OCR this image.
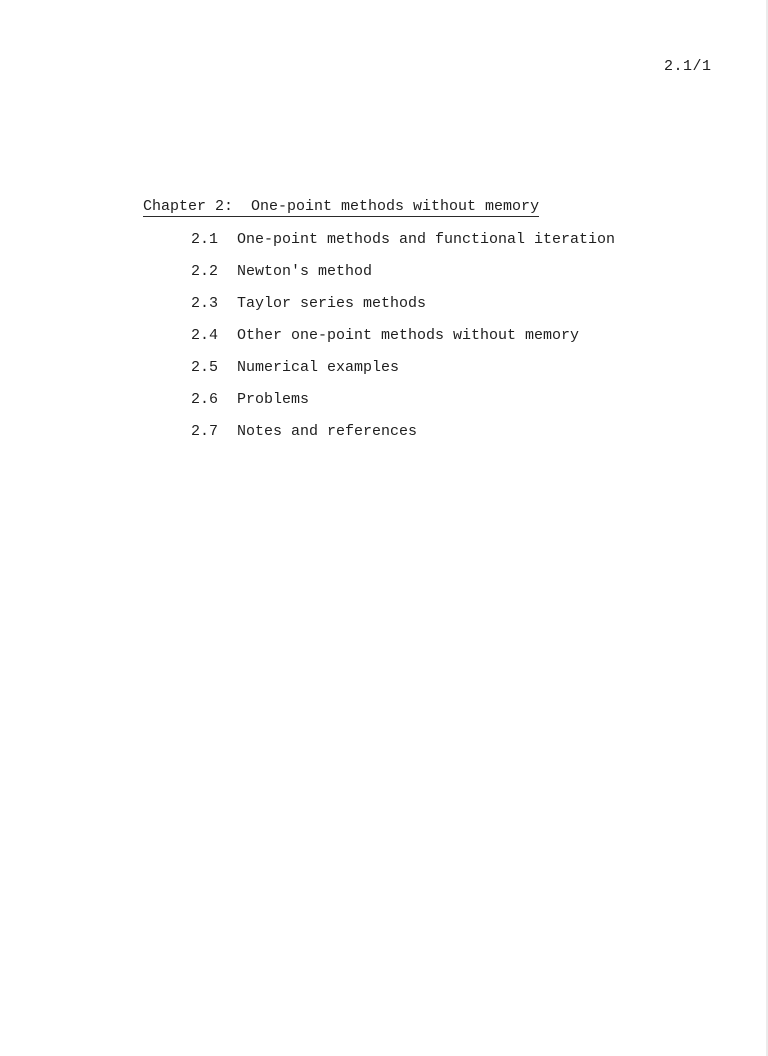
2.1/1
Chapter 2:  One-point methods without memory
2.1 One-point methods and functional iteration
2.2 Newton's method
2.3 Taylor series methods
2.4 Other one-point methods without memory
2.5 Numerical examples
2.6 Problems
2.7 Notes and references
